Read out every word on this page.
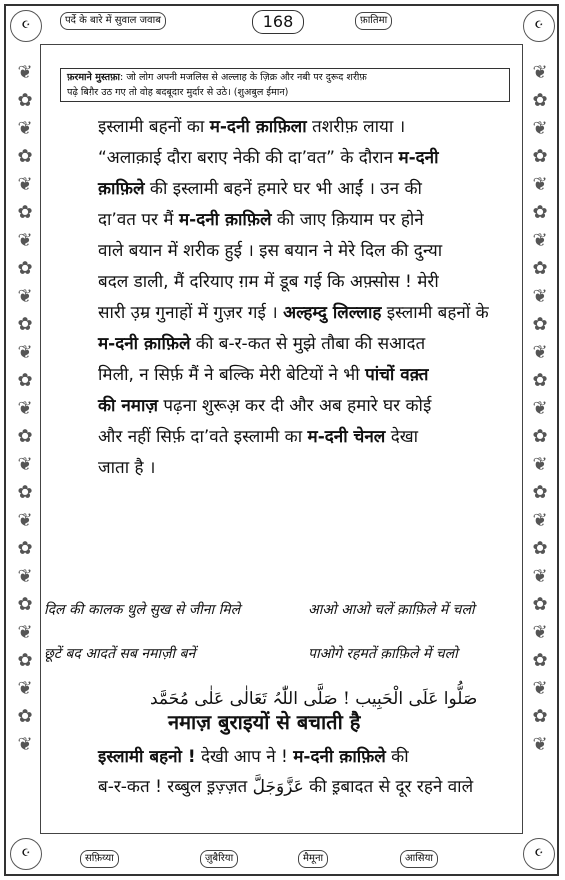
❦
✿
❦
✿
❦
✿
❦
✿
❦
✿
❦
✿
❦
✿
❦
✿
❦
✿
❦
✿
❦
✿
❦
✿
❦
❦
✿
❦
✿
❦
✿
❦
✿
❦
✿
❦
✿
❦
✿
❦
✿
❦
✿
❦
✿
❦
✿
❦
✿
❦
☪	☪
☪	☪
पर्दे के बारे में सुवाल जवाब	168	फ़ातिमा
फ़रमाने मुस्तफ़ा: जो लोग अपनी मजलिस से अल्लाह के ज़िक्र और नबी पर दुरूद शरीफ़
पढ़े बिग़ैर उठ गए तो वोह बदबूदार मुर्दार से उठे। (शुअबुल ईमान)
इस्लामी बहनों का म-दनी क़ाफ़िला तशरीफ़ लाया ।
“अलाक़ाई दौरा बराए नेकी की दा’वत” के दौरान म-दनी
क़ाफ़िले की इस्लामी बहनें हमारे घर भी आईं । उन की
दा’वत पर मैं म-दनी क़ाफ़िले की जाए क़ियाम पर होने
वाले बयान में शरीक हुई । इस बयान ने मेरे दिल की दुन्या
बदल डाली, मैं दरियाए ग़म में डूब गई कि अफ़्सोस ! मेरी
सारी उ़म्र गुनाहों में गुज़र गई । अल्हम्दु लिल्लाह इस्लामी बहनों के
म-दनी क़ाफ़िले की ब-र-कत से मुझे तौबा की सआदत
मिली, न सिर्फ़ मैं ने बल्कि मेरी बेटियों ने भी पांचों वक़्त
की नमाज़ पढ़ना शुरूअ़ कर दी और अब हमारे घर कोई
और नहीं सिर्फ़ दा’वते इस्लामी का म-दनी चेनल देखा
जाता है ।
दिल की कालक धुले सुख से जीना मिले	आओ आओ चलें क़ाफ़िले में चलो
छूटें बद आदतें सब नमाज़ी बनें	पाओगे रहमतें क़ाफ़िले में चलो
صَلُّوا عَلَی الْحَبِیب ! صَلَّی اللّٰہُ تَعَالٰی عَلٰی مُحَمَّد
नमाज़ बुराइयों से बचाती है
इस्लामी बहनो ! देखी आप ने ! म-दनी क़ाफ़िले की
ब-र-कत ! रब्बुल इ़ज़्ज़त عَزَّوَجَلَّ की इ़बादत से दूर रहने वाले
सफ़िय्या	ज़ुबैरिया	मैमूना	आसिया
